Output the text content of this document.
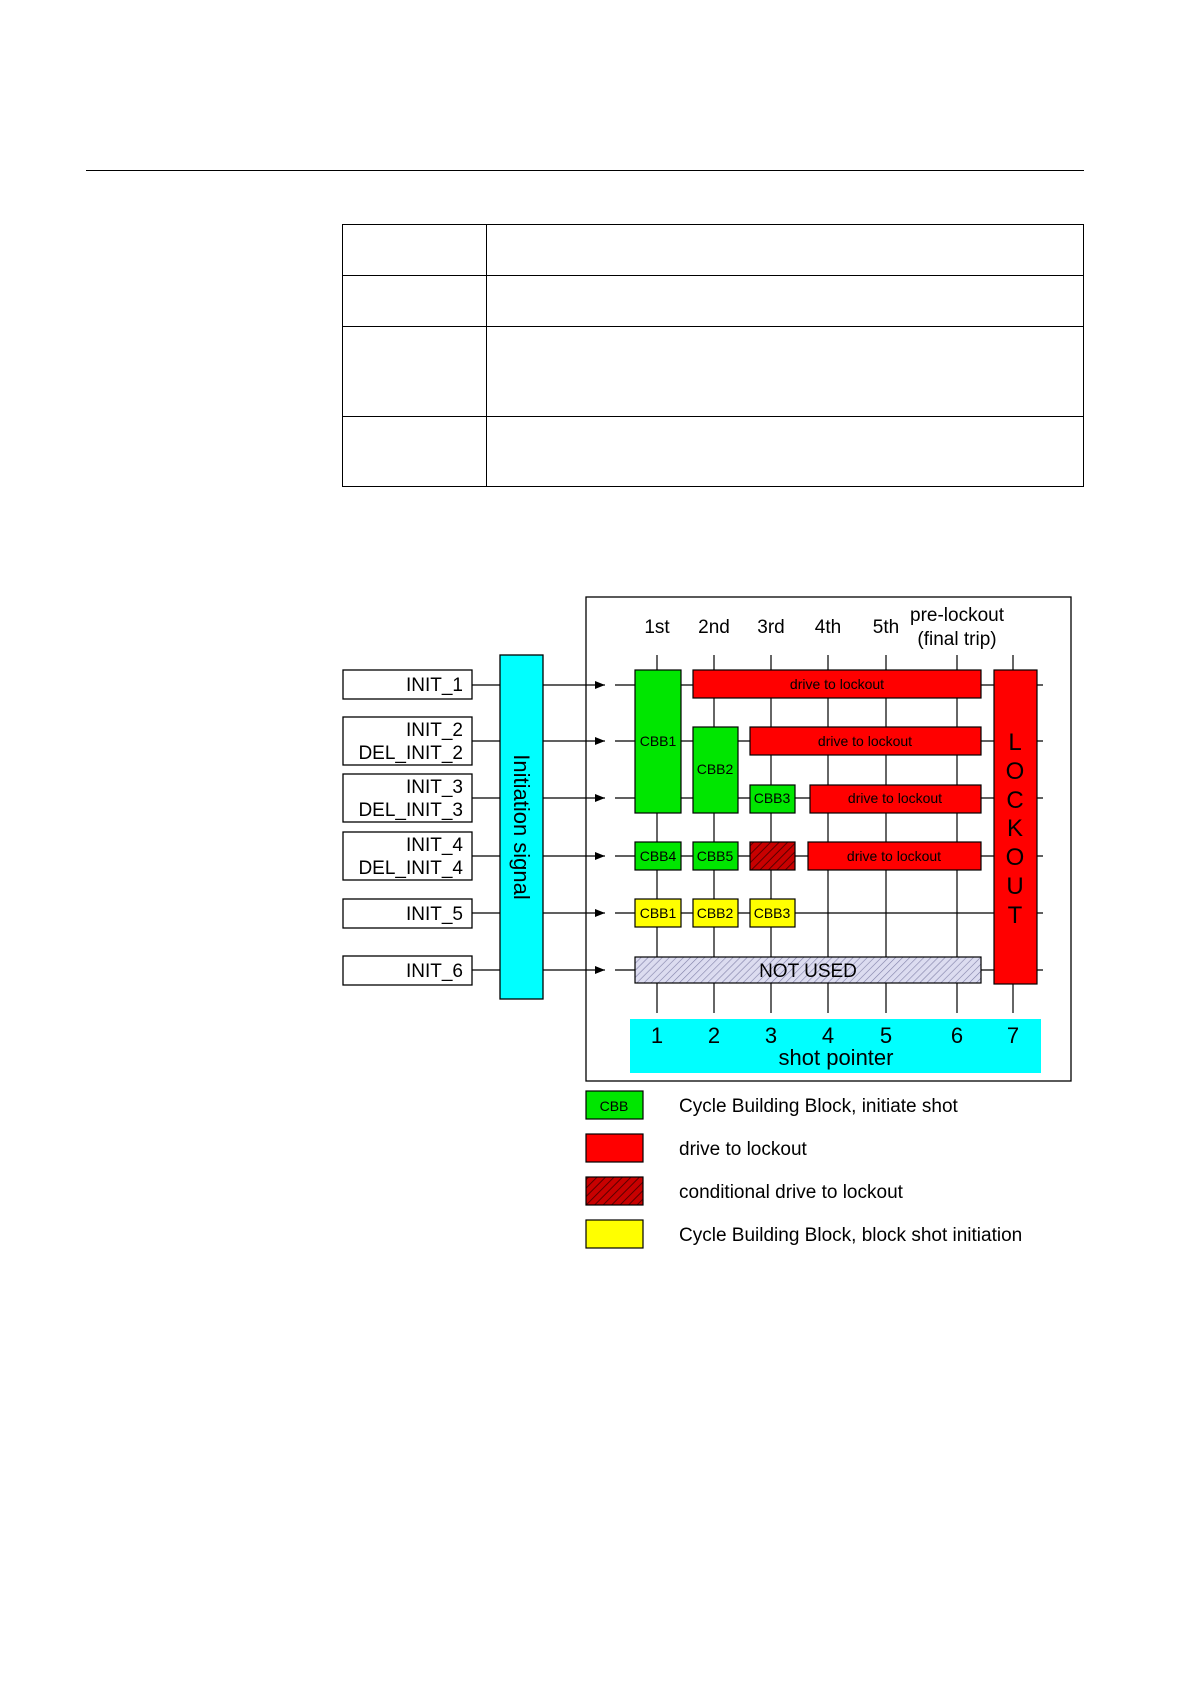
1st 2nd 3rd 4th 5th
pre-lockout
(final trip)
INIT_1
INIT_2
DEL_INIT_2
INIT_3
DEL_INIT_3
INIT_4
DEL_INIT_4
INIT_5
INIT_6
Initiation signal
CBB1
CBB2
CBB3
CBB4 CBB5
CBB1 CBB2 CBB3
drive to lockout
drive to lockout
drive to lockout
drive to lockout
NOT USED
L
O
C
K
O
U
T
1 2 3 4 5	6 7
shot pointer
CBB	Cycle Building Block, initiate shot
drive to lockout
conditional drive to lockout
Cycle Building Block, block shot initiation
